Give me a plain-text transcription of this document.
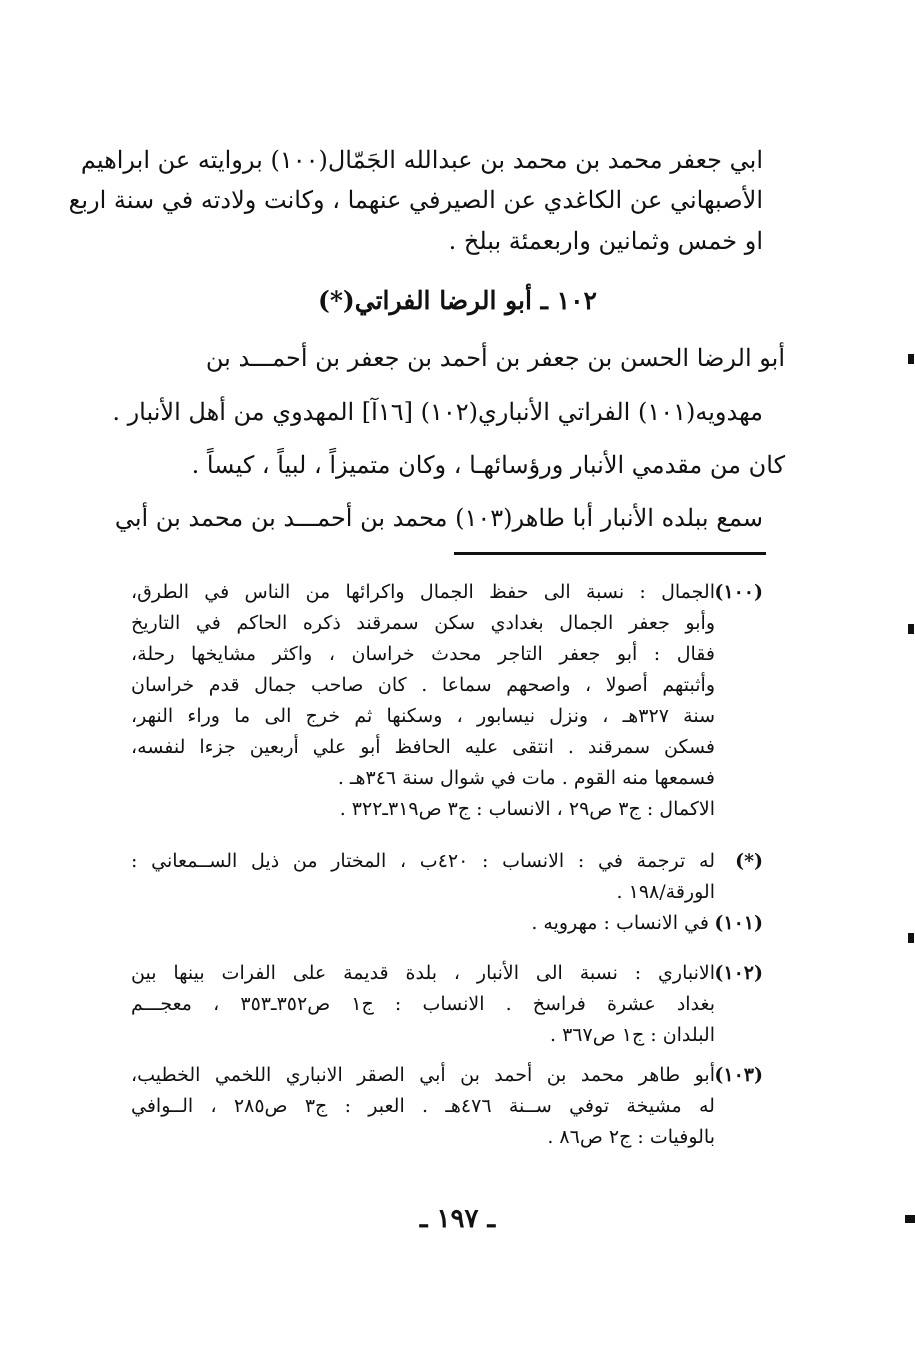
ابي جعفر محمد بن محمد بن عبدالله الجَمّال(١٠٠) بروايته عن ابراهيم
الأصبهاني عن الكاغدي عن الصيرفي عنهما ، وكانت ولادته في سنة اربع
او خمس وثمانين واربعمئة ببلخ .
١٠٢ ـ أبو الرضا الفراتي(*)
أبو الرضا الحسن بن جعفر بن أحمد بن جعفر بن أحمـــد بن
مهدويه(١٠١) الفراتي الأنباري(١٠٢) [١٦آ] المهدوي من أهل الأنبار .
كان من مقدمي الأنبار ورؤسائهـا ، وكان متميزاً ، لبياً ، كيساً .
سمع ببلده الأنبار أبا طاهر(١٠٣) محمد بن أحمـــد بن محمد بن أبي
(١٠٠)الجمال : نسبة الى حفظ الجمال واكرائها من الناس في الطرق،
وأبو جعفر الجمال بغدادي سكن سمرقند ذكره الحاكم في التاريخ
فقال : أبو جعفر التاجر محدث خراسان ، واكثر مشايخها رحلة،
وأثبتهم أصولا ، واصحهم سماعا . كان صاحب جمال قدم خراسان
سنة ٣٢٧هـ ، ونزل نيسابور ، وسكنها ثم خرج الى ما وراء النهر،
فسكن سمرقند . انتقى عليه الحافظ أبو علي أربعين جزءا لنفسه،
فسمعها منه القوم . مات في شوال سنة ٣٤٦هـ .
الاكمال : ج٣ ص٢٩ ، الانساب : ج٣ ص٣١٩ـ٣٢٢ .
(*)له ترجمة في : الانساب : ٤٢٠ب ، المختار من ذيل الســمعاني :
الورقة/١٩٨ .
(١٠١) في الانساب : مهرويه .
(١٠٢)الانباري : نسبة الى الأنبار ، بلدة قديمة على الفرات بينها بين
بغداد عشرة فراسخ . الانساب : ج١ ص٣٥٢ـ٣٥٣ ، معجـــم
البلدان : ج١ ص٣٦٧ .
(١٠٣)أبو طاهر محمد بن أحمد بن أبي الصقر الانباري اللخمي الخطيب،
له مشيخة توفي ســنة ٤٧٦هـ . العبر : ج٣ ص٢٨٥ ، الــوافي
بالوفيات : ج٢ ص٨٦ .
ـ ١٩٧ ـ
